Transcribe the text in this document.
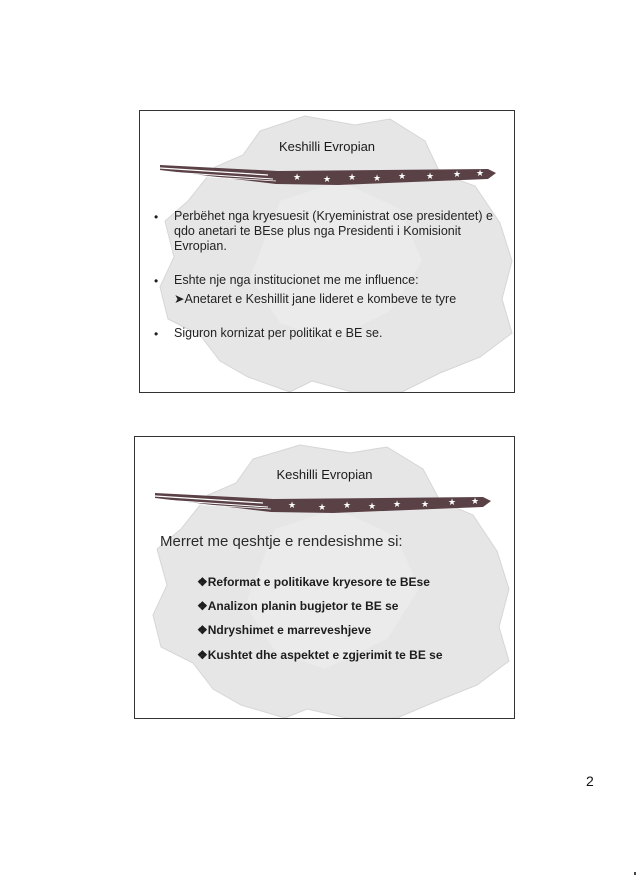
Keshilli Evropian
★ ★ ★ ★ ★ ★ ★ ★
• Perbëhet nga kryesuesit (Kryeministrat ose presidentet) e qdo anetari te BEse plus nga Presidenti i Komisionit Evropian.
• Eshte nje nga institucionet me me influence:
➤Anetaret e Keshillit jane lideret e kombeve te tyre
• Siguron kornizat per politikat e BE se.
Keshilli Evropian
★ ★ ★ ★ ★ ★ ★ ★
Merret me qeshtje e rendesishme si:
❖Reformat e politikave kryesore te BEse
❖Analizon planin bugjetor te BE se
❖Ndryshimet e marreveshjeve
❖Kushtet dhe aspektet e zgjerimit te BE se
2
